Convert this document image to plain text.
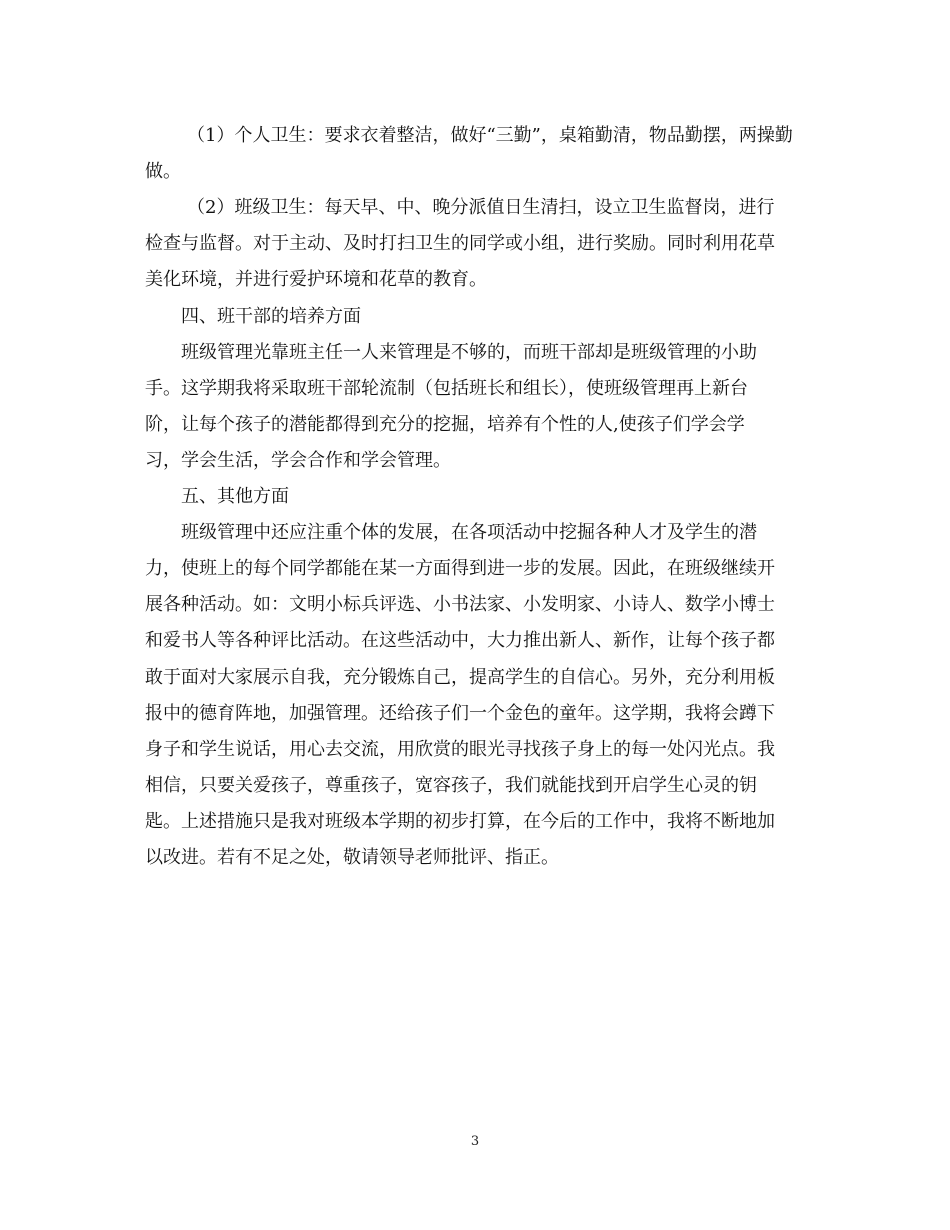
（1）个人卫生：要求衣着整洁，做好“三勤”，桌箱勤清，物品勤摆，两操勤
做。
（2）班级卫生：每天早、中、晚分派值日生清扫，设立卫生监督岗，进行
检查与监督。对于主动、及时打扫卫生的同学或小组，进行奖励。同时利用花草
美化环境，并进行爱护环境和花草的教育。
四、班干部的培养方面
班级管理光靠班主任一人来管理是不够的，而班干部却是班级管理的小助
手。这学期我将采取班干部轮流制（包括班长和组长），使班级管理再上新台
阶，让每个孩子的潜能都得到充分的挖掘，培养有个性的人,使孩子们学会学
习，学会生活，学会合作和学会管理。
五、其他方面
班级管理中还应注重个体的发展，在各项活动中挖掘各种人才及学生的潜
力，使班上的每个同学都能在某一方面得到进一步的发展。因此，在班级继续开
展各种活动。如：文明小标兵评选、小书法家、小发明家、小诗人、数学小博士
和爱书人等各种评比活动。在这些活动中，大力推出新人、新作，让每个孩子都
敢于面对大家展示自我，充分锻炼自己，提高学生的自信心。另外，充分利用板
报中的德育阵地，加强管理。还给孩子们一个金色的童年。这学期，我将会蹲下
身子和学生说话，用心去交流，用欣赏的眼光寻找孩子身上的每一处闪光点。我
相信，只要关爱孩子，尊重孩子，宽容孩子，我们就能找到开启学生心灵的钥
匙。上述措施只是我对班级本学期的初步打算，在今后的工作中，我将不断地加
以改进。若有不足之处，敬请领导老师批评、指正。
3
